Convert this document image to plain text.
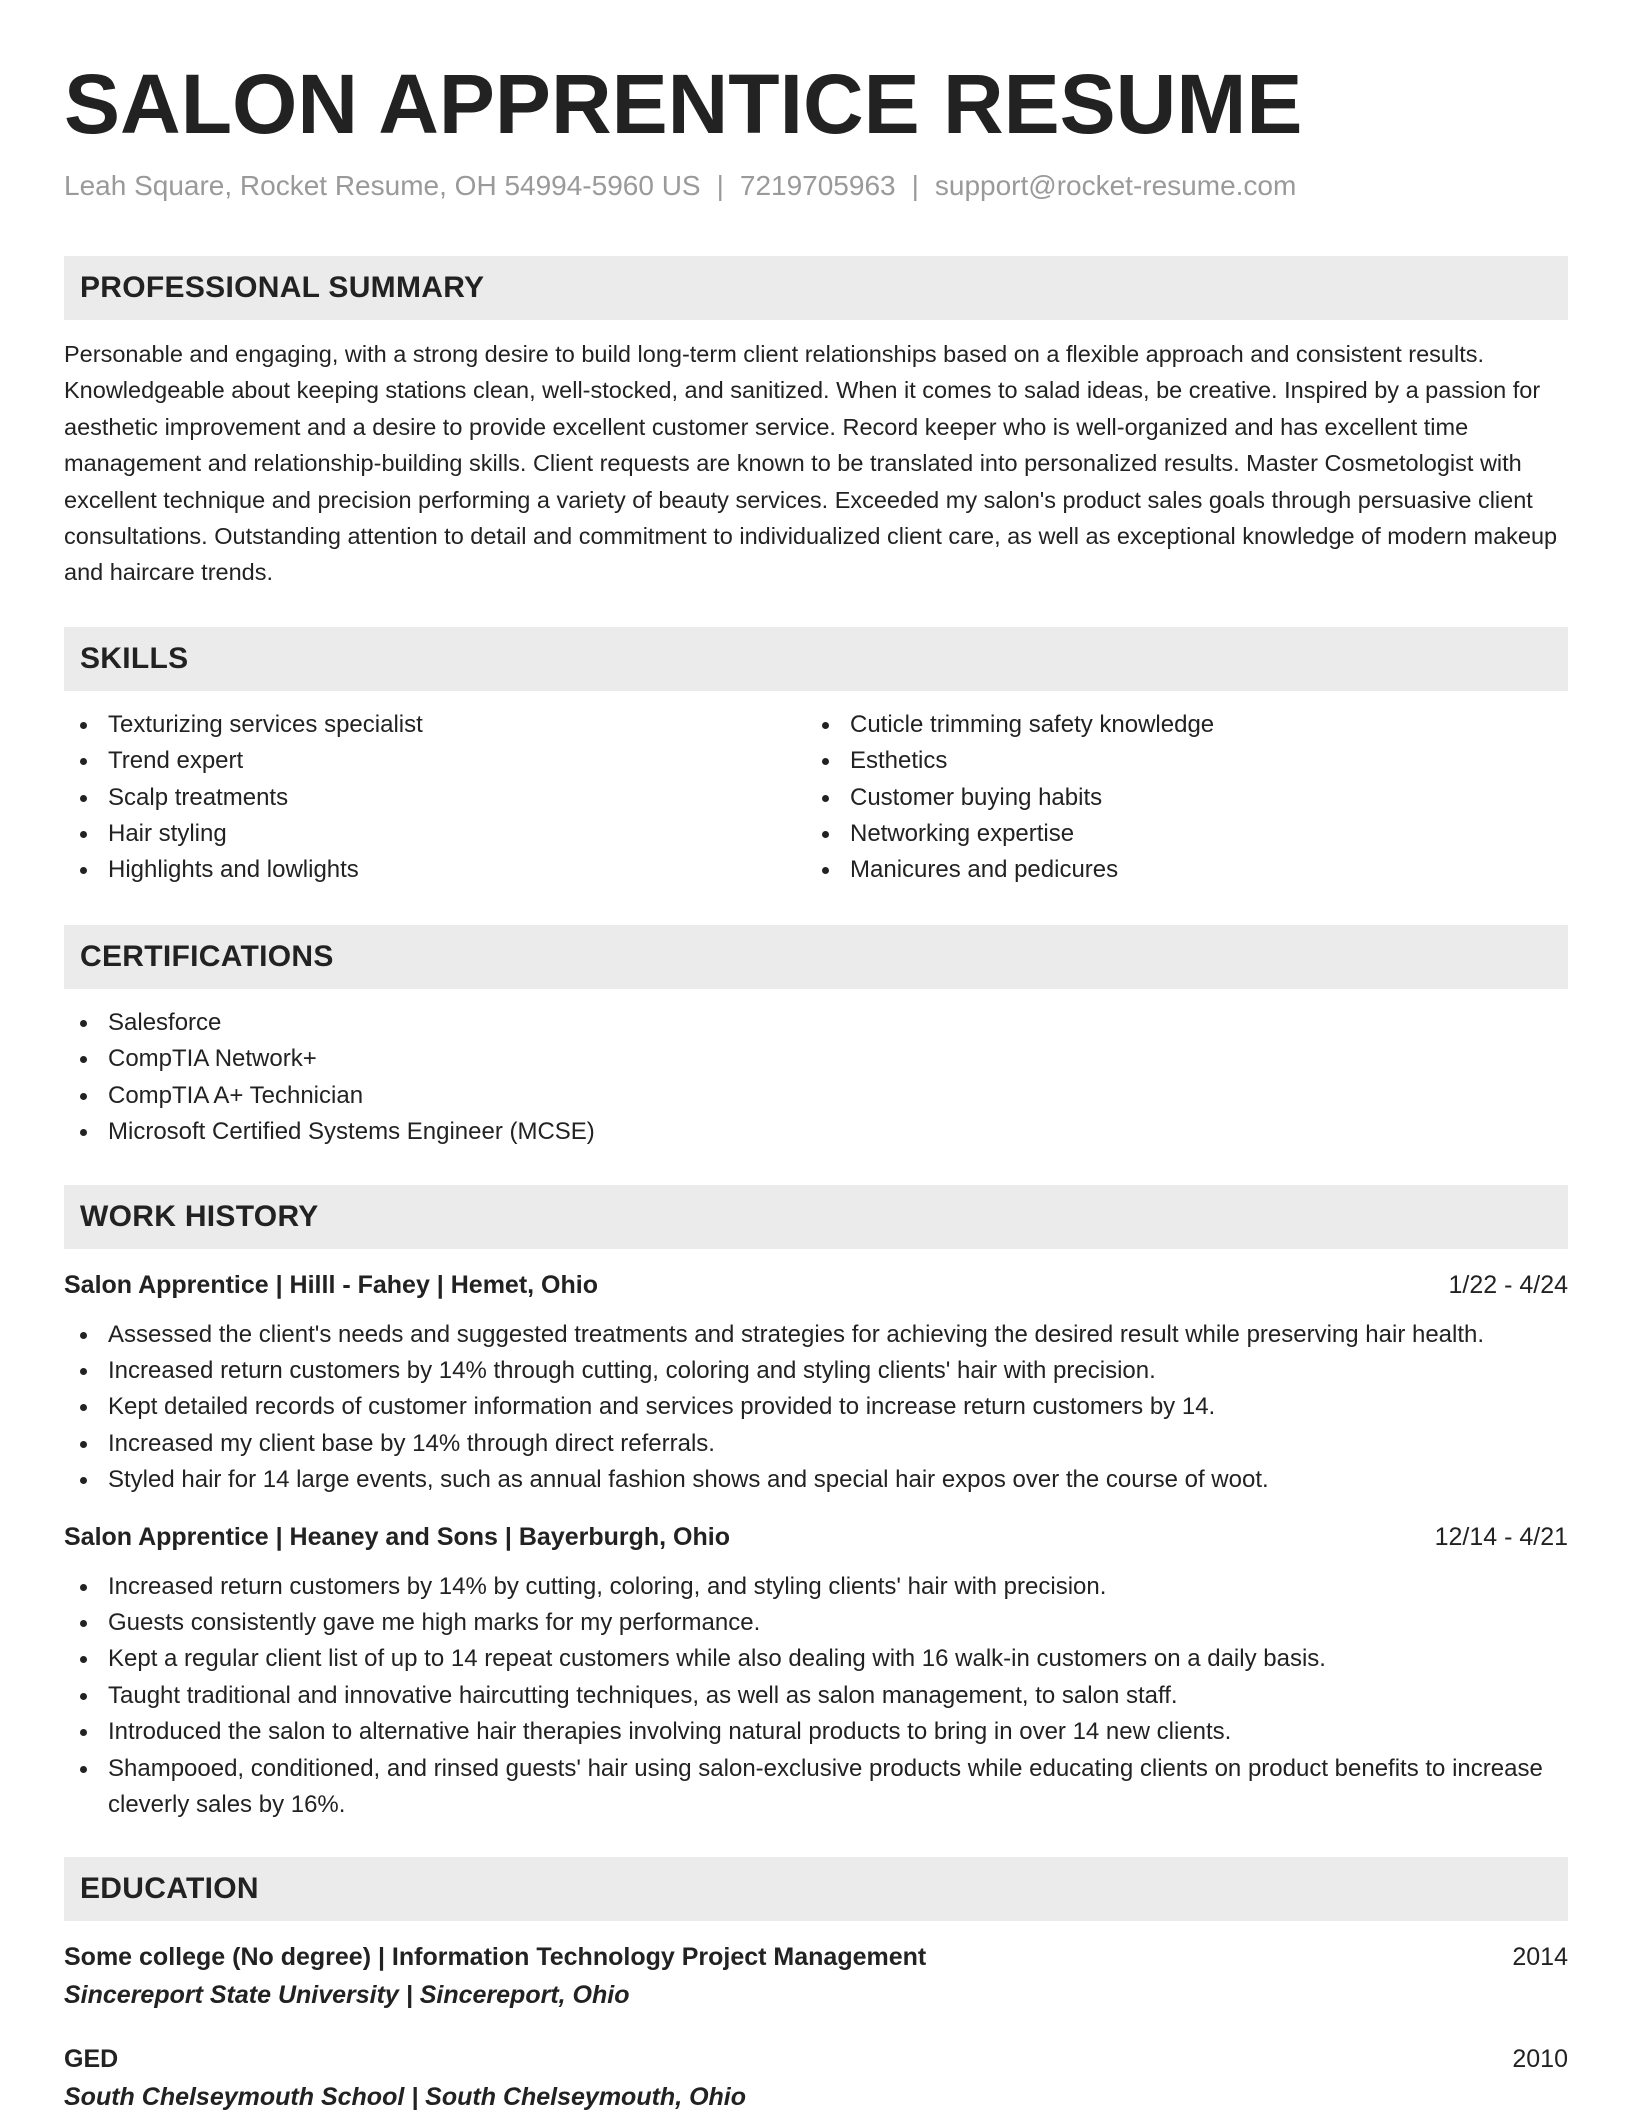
SALON APPRENTICE RESUME
Leah Square, Rocket Resume, OH 54994-5960 US | 7219705963 | support@rocket-resume.com
PROFESSIONAL SUMMARY
Personable and engaging, with a strong desire to build long-term client relationships based on a flexible approach and consistent results. Knowledgeable about keeping stations clean, well-stocked, and sanitized. When it comes to salad ideas, be creative. Inspired by a passion for aesthetic improvement and a desire to provide excellent customer service. Record keeper who is well-organized and has excellent time management and relationship-building skills. Client requests are known to be translated into personalized results. Master Cosmetologist with excellent technique and precision performing a variety of beauty services. Exceeded my salon's product sales goals through persuasive client consultations. Outstanding attention to detail and commitment to individualized client care, as well as exceptional knowledge of modern makeup and haircare trends.
SKILLS
Texturizing services specialist
Trend expert
Scalp treatments
Hair styling
Highlights and lowlights
Cuticle trimming safety knowledge
Esthetics
Customer buying habits
Networking expertise
Manicures and pedicures
CERTIFICATIONS
Salesforce
CompTIA Network+
CompTIA A+ Technician
Microsoft Certified Systems Engineer (MCSE)
WORK HISTORY
Salon Apprentice | Hilll - Fahey | Hemet, Ohio	1/22 - 4/24
Assessed the client's needs and suggested treatments and strategies for achieving the desired result while preserving hair health.
Increased return customers by 14% through cutting, coloring and styling clients' hair with precision.
Kept detailed records of customer information and services provided to increase return customers by 14.
Increased my client base by 14% through direct referrals.
Styled hair for 14 large events, such as annual fashion shows and special hair expos over the course of woot.
Salon Apprentice | Heaney and Sons | Bayerburgh, Ohio	12/14 - 4/21
Increased return customers by 14% by cutting, coloring, and styling clients' hair with precision.
Guests consistently gave me high marks for my performance.
Kept a regular client list of up to 14 repeat customers while also dealing with 16 walk-in customers on a daily basis.
Taught traditional and innovative haircutting techniques, as well as salon management, to salon staff.
Introduced the salon to alternative hair therapies involving natural products to bring in over 14 new clients.
Shampooed, conditioned, and rinsed guests' hair using salon-exclusive products while educating clients on product benefits to increase cleverly sales by 16%.
EDUCATION
Some college (No degree) | Information Technology Project Management	2014
Sincereport State University | Sincereport, Ohio
GED	2010
South Chelseymouth School | South Chelseymouth, Ohio
